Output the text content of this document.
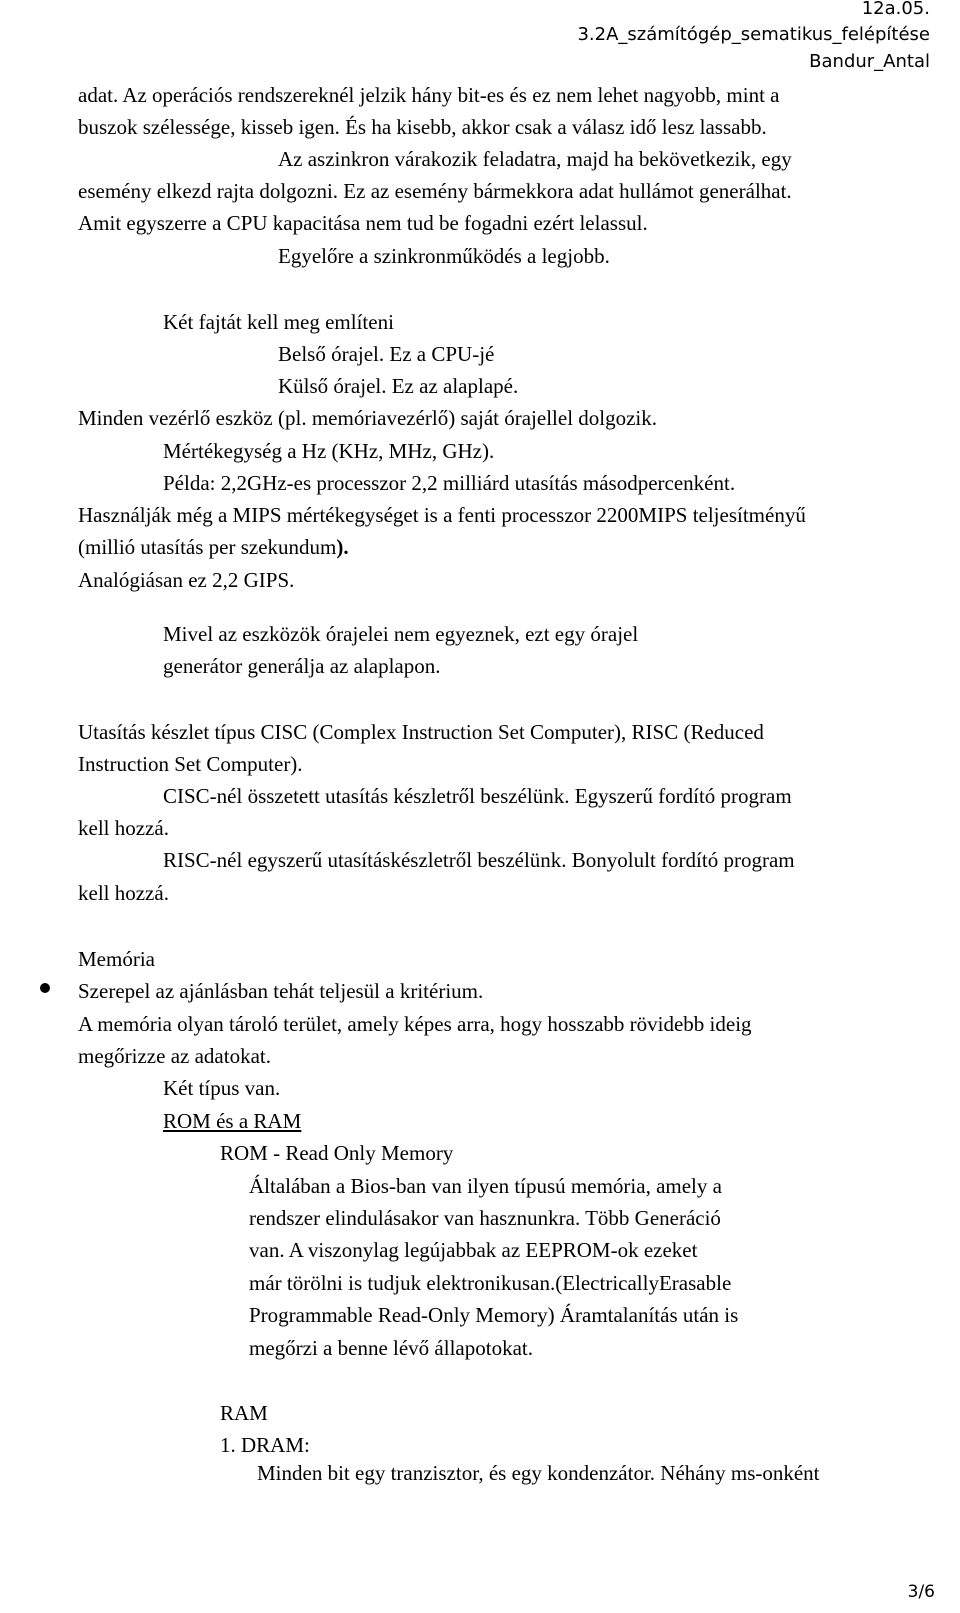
12a.05.
3.2A_számítógép_sematikus_felépítése
Bandur_Antal
adat. Az operációs rendszereknél jelzik hány bit-es és ez nem lehet nagyobb, mint a
buszok szélessége, kisseb igen. És ha kisebb, akkor csak a válasz idő lesz lassabb.
Az aszinkron várakozik feladatra, majd ha bekövetkezik, egy
esemény elkezd rajta dolgozni. Ez az esemény bármekkora adat hullámot generálhat.
Amit egyszerre a CPU kapacitása nem tud be fogadni ezért lelassul.
Egyelőre a szinkronműködés a legjobb.
Két fajtát kell meg említeni
Belső órajel. Ez a CPU-jé
Külső órajel. Ez az alaplapé.
Minden vezérlő eszköz (pl. memóriavezérlő) saját órajellel dolgozik.
Mértékegység a Hz (KHz, MHz, GHz).
Példa: 2,2GHz-es processzor 2,2 milliárd utasítás másodpercenként.
Használják még a MIPS mértékegységet is a fenti processzor 2200MIPS teljesítményű
(millió utasítás per szekundum).
Analógiásan ez 2,2 GIPS.
Mivel az eszközök órajelei nem egyeznek, ezt egy órajel
generátor generálja az alaplapon.
Utasítás készlet típus CISC (Complex Instruction Set Computer), RISC (Reduced
Instruction Set Computer).
CISC-nél összetett utasítás készletről beszélünk. Egyszerű fordító program
kell hozzá.
RISC-nél egyszerű utasításkészletről beszélünk. Bonyolult fordító program
kell hozzá.
Memória
Szerepel az ajánlásban tehát teljesül a kritérium.
A memória olyan tároló terület, amely képes arra, hogy hosszabb rövidebb ideig
megőrizze az adatokat.
Két típus van.
ROM és a RAM
ROM - Read Only Memory
Általában a Bios-ban van ilyen típusú memória, amely a
rendszer elindulásakor van hasznunkra. Több Generáció
van. A viszonylag legújabbak az EEPROM-ok ezeket
már törölni is tudjuk elektronikusan.(ElectricallyErasable
Programmable Read-Only Memory) Áramtalanítás után is
megőrzi a benne lévő állapotokat.
RAM
1. DRAM:
Minden bit egy tranzisztor, és egy kondenzátor. Néhány ms-onként
3/6
